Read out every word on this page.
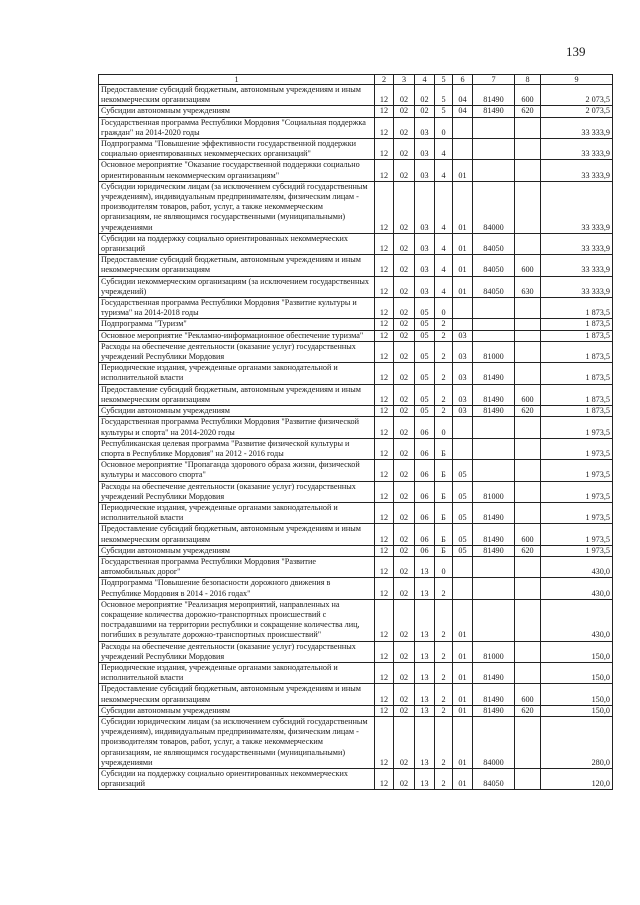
139
1	2	3	4	5	6	7	8	9
Предоставление субсидий бюджетным, автономным учреждениям и иным некоммерческим организациям	12	02	02	5	04	81490	600	2 073,5
Субсидии автономным учреждениям	12	02	02	5	04	81490	620	2 073,5
Государственная программа Республики Мордовия "Социальная поддержка граждан" на 2014-2020 годы	12	02	03	0				33 333,9
Подпрограмма "Повышение эффективности государственной поддержки социально ориентированных некоммерческих организаций"	12	02	03	4				33 333,9
Основное мероприятие "Оказание государственной поддержки социально ориентированным некоммерческим организациям"	12	02	03	4	01			33 333,9
Субсидии юридическим лицам (за исключением субсидий государственным учреждениям), индивидуальным предпринимателям, физическим лицам - производителям товаров, работ, услуг, а также некоммерческим организациям, не являющимся государственными (муниципальными) учреждениями	12	02	03	4	01	84000		33 333,9
Субсидии на поддержку социально ориентированных некоммерческих организаций	12	02	03	4	01	84050		33 333,9
Предоставление субсидий бюджетным, автономным учреждениям и иным некоммерческим организациям	12	02	03	4	01	84050	600	33 333,9
Субсидии некоммерческим организациям (за исключением государственных учреждений)	12	02	03	4	01	84050	630	33 333,9
Государственная программа Республики Мордовия "Развитие культуры и туризма" на 2014-2018 годы	12	02	05	0				1 873,5
Подпрограмма "Туризм"	12	02	05	2				1 873,5
Основное мероприятие "Рекламно-информационное обеспечение туризма"	12	02	05	2	03			1 873,5
Расходы на обеспечение деятельности (оказание услуг) государственных учреждений Республики Мордовия	12	02	05	2	03	81000		1 873,5
Периодические издания, учрежденные органами законодательной и исполнительной власти	12	02	05	2	03	81490		1 873,5
Предоставление субсидий бюджетным, автономным учреждениям и иным некоммерческим организациям	12	02	05	2	03	81490	600	1 873,5
Субсидии автономным учреждениям	12	02	05	2	03	81490	620	1 873,5
Государственная программа Республики Мордовия "Развитие физической культуры и спорта" на 2014-2020 годы	12	02	06	0				1 973,5
Республиканская целевая программа "Развитие физической культуры и спорта в Республике Мордовия" на 2012 - 2016 годы	12	02	06	Б				1 973,5
Основное мероприятие "Пропаганда здорового образа жизни, физической культуры и массового спорта"	12	02	06	Б	05			1 973,5
Расходы на обеспечение деятельности (оказание услуг) государственных учреждений Республики Мордовия	12	02	06	Б	05	81000		1 973,5
Периодические издания, учрежденные органами законодательной и исполнительной власти	12	02	06	Б	05	81490		1 973,5
Предоставление субсидий бюджетным, автономным учреждениям и иным некоммерческим организациям	12	02	06	Б	05	81490	600	1 973,5
Субсидии автономным учреждениям	12	02	06	Б	05	81490	620	1 973,5
Государственная программа Республики Мордовия "Развитие автомобильных дорог"	12	02	13	0				430,0
Подпрограмма "Повышение безопасности дорожного движения в Республике Мордовия в 2014 - 2016 годах"	12	02	13	2				430,0
Основное мероприятие "Реализация мероприятий, направленных на сокращение количества дорожно-транспортных происшествий с пострадавшими на территории республики и сокращение количества лиц, погибших в результате дорожно-транспортных происшествий"	12	02	13	2	01			430,0
Расходы на обеспечение деятельности (оказание услуг) государственных учреждений Республики Мордовия	12	02	13	2	01	81000		150,0
Периодические издания, учрежденные органами законодательной и исполнительной власти	12	02	13	2	01	81490		150,0
Предоставление субсидий бюджетным, автономным учреждениям и иным некоммерческим организациям	12	02	13	2	01	81490	600	150,0
Субсидии автономным учреждениям	12	02	13	2	01	81490	620	150,0
Субсидии юридическим лицам (за исключением субсидий государственным учреждениям), индивидуальным предпринимателям, физическим лицам - производителям товаров, работ, услуг, а также некоммерческим организациям, не являющимся государственными (муниципальными) учреждениями	12	02	13	2	01	84000		280,0
Субсидии на поддержку социально ориентированных некоммерческих организаций	12	02	13	2	01	84050		120,0
